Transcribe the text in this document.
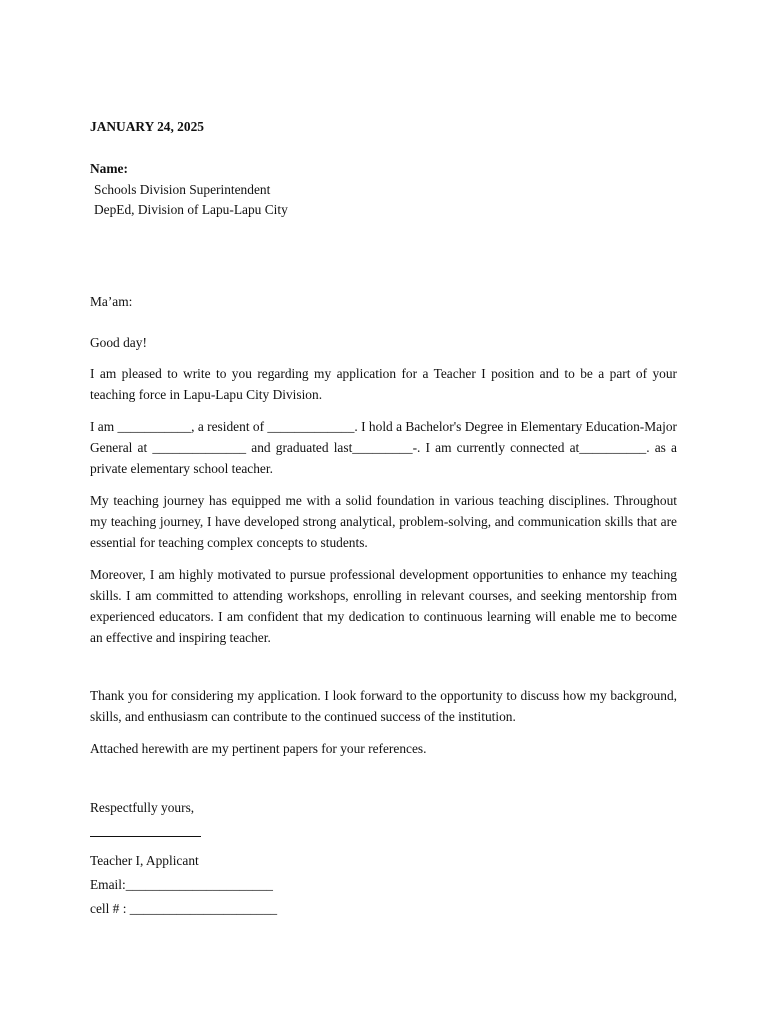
JANUARY 24, 2025
Name:
Schools Division Superintendent
DepEd, Division of Lapu-Lapu City
Ma’am:
Good day!

I am pleased to write to you regarding my application for a Teacher I position and to be a part of your teaching force in Lapu-Lapu City Division.

I am ___________, a resident of _____________. I hold a Bachelor's Degree in Elementary Education-Major General at ______________ and graduated last_________-. I am currently connected at__________. as a private elementary school teacher.

My teaching journey has equipped me with a solid foundation in various teaching disciplines. Throughout my teaching journey, I have developed strong analytical, problem-solving, and communication skills that are essential for teaching complex concepts to students.

Moreover, I am highly motivated to pursue professional development opportunities to enhance my teaching skills. I am committed to attending workshops, enrolling in relevant courses, and seeking mentorship from experienced educators. I am confident that my dedication to continuous learning will enable me to become an effective and inspiring teacher.

Thank you for considering my application. I look forward to the opportunity to discuss how my background, skills, and enthusiasm can contribute to the continued success of the institution.

Attached herewith are my pertinent papers for your references.

Respectfully yours,
Teacher I, Applicant
Email:______________________
cell # : ______________________
